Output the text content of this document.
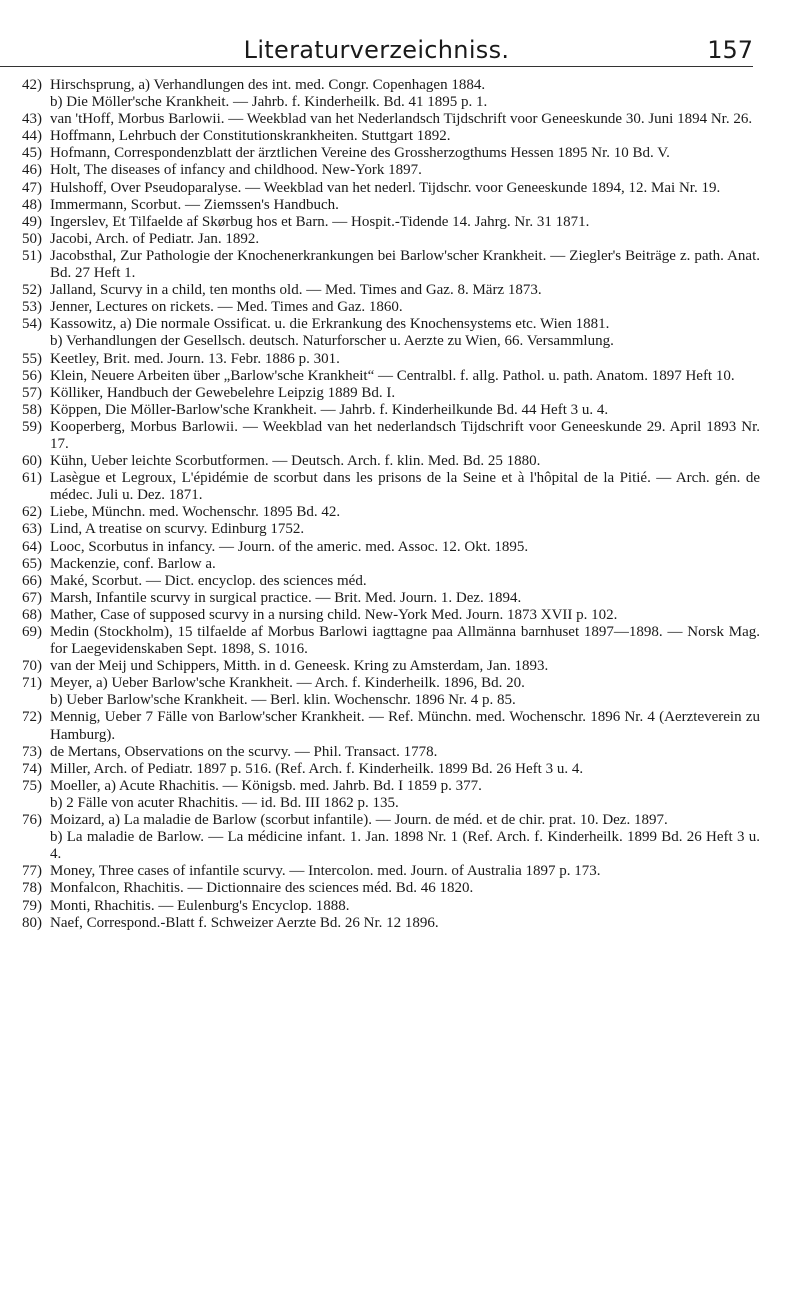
Literaturverzeichniss.	157
42) Hirschsprung, a) Verhandlungen des int. med. Congr. Copenhagen 1884.
b) Die Möller'sche Krankheit. — Jahrb. f. Kinderheilk. Bd. 41 1895 p. 1.
43) van 'tHoff, Morbus Barlowii. — Weekblad van het Nederlandsch Tijdschrift voor Geneeskunde 30. Juni 1894 Nr. 26.
44) Hoffmann, Lehrbuch der Constitutionskrankheiten. Stuttgart 1892.
45) Hofmann, Correspondenzblatt der ärztlichen Vereine des Grossherzogthums Hessen 1895 Nr. 10 Bd. V.
46) Holt, The diseases of infancy and childhood. New-York 1897.
47) Hulshoff, Over Pseudoparalyse. — Weekblad van het nederl. Tijdschr. voor Geneeskunde 1894, 12. Mai Nr. 19.
48) Immermann, Scorbut. — Ziemssen's Handbuch.
49) Ingerslev, Et Tilfaelde af Skørbug hos et Barn. — Hospit.-Tidende 14. Jahrg. Nr. 31 1871.
50) Jacobi, Arch. of Pediatr. Jan. 1892.
51) Jacobsthal, Zur Pathologie der Knochenerkrankungen bei Barlow'scher Krankheit. — Ziegler's Beiträge z. path. Anat. Bd. 27 Heft 1.
52) Jalland, Scurvy in a child, ten months old. — Med. Times and Gaz. 8. März 1873.
53) Jenner, Lectures on rickets. — Med. Times and Gaz. 1860.
54) Kassowitz, a) Die normale Ossificat. u. die Erkrankung des Knochensystems etc. Wien 1881.
b) Verhandlungen der Gesellsch. deutsch. Naturforscher u. Aerzte zu Wien, 66. Versammlung.
55) Keetley, Brit. med. Journ. 13. Febr. 1886 p. 301.
56) Klein, Neuere Arbeiten über „Barlow'sche Krankheit“ — Centralbl. f. allg. Pathol. u. path. Anatom. 1897 Heft 10.
57) Kölliker, Handbuch der Gewebelehre Leipzig 1889 Bd. I.
58) Köppen, Die Möller-Barlow'sche Krankheit. — Jahrb. f. Kinderheilkunde Bd. 44 Heft 3 u. 4.
59) Kooperberg, Morbus Barlowii. — Weekblad van het nederlandsch Tijdschrift voor Geneeskunde 29. April 1893 Nr. 17.
60) Kühn, Ueber leichte Scorbutformen. — Deutsch. Arch. f. klin. Med. Bd. 25 1880.
61) Lasègue et Legroux, L'épidémie de scorbut dans les prisons de la Seine et à l'hôpital de la Pitié. — Arch. gén. de médec. Juli u. Dez. 1871.
62) Liebe, Münchn. med. Wochenschr. 1895 Bd. 42.
63) Lind, A treatise on scurvy. Edinburg 1752.
64) Looc, Scorbutus in infancy. — Journ. of the americ. med. Assoc. 12. Okt. 1895.
65) Mackenzie, conf. Barlow a.
66) Maké, Scorbut. — Dict. encyclop. des sciences méd.
67) Marsh, Infantile scurvy in surgical practice. — Brit. Med. Journ. 1. Dez. 1894.
68) Mather, Case of supposed scurvy in a nursing child. New-York Med. Journ. 1873 XVII p. 102.
69) Medin (Stockholm), 15 tilfaelde af Morbus Barlowi iagttagne paa Allmänna barnhuset 1897—1898. — Norsk Mag. for Laegevidenskaben Sept. 1898, S. 1016.
70) van der Meij und Schippers, Mitth. in d. Geneesk. Kring zu Amsterdam, Jan. 1893.
71) Meyer, a) Ueber Barlow'sche Krankheit. — Arch. f. Kinderheilk. 1896, Bd. 20.
b) Ueber Barlow'sche Krankheit. — Berl. klin. Wochenschr. 1896 Nr. 4 p. 85.
72) Mennig, Ueber 7 Fälle von Barlow'scher Krankheit. — Ref. Münchn. med. Wochenschr. 1896 Nr. 4 (Aerzteverein zu Hamburg).
73) de Mertans, Observations on the scurvy. — Phil. Transact. 1778.
74) Miller, Arch. of Pediatr. 1897 p. 516. (Ref. Arch. f. Kinderheilk. 1899 Bd. 26 Heft 3 u. 4.
75) Moeller, a) Acute Rhachitis. — Königsb. med. Jahrb. Bd. I 1859 p. 377.
b) 2 Fälle von acuter Rhachitis. — id. Bd. III 1862 p. 135.
76) Moizard, a) La maladie de Barlow (scorbut infantile). — Journ. de méd. et de chir. prat. 10. Dez. 1897.
b) La maladie de Barlow. — La médicine infant. 1. Jan. 1898 Nr. 1 (Ref. Arch. f. Kinderheilk. 1899 Bd. 26 Heft 3 u. 4.
77) Money, Three cases of infantile scurvy. — Intercolon. med. Journ. of Australia 1897 p. 173.
78) Monfalcon, Rhachitis. — Dictionnaire des sciences méd. Bd. 46 1820.
79) Monti, Rhachitis. — Eulenburg's Encyclop. 1888.
80) Naef, Correspond.-Blatt f. Schweizer Aerzte Bd. 26 Nr. 12 1896.
